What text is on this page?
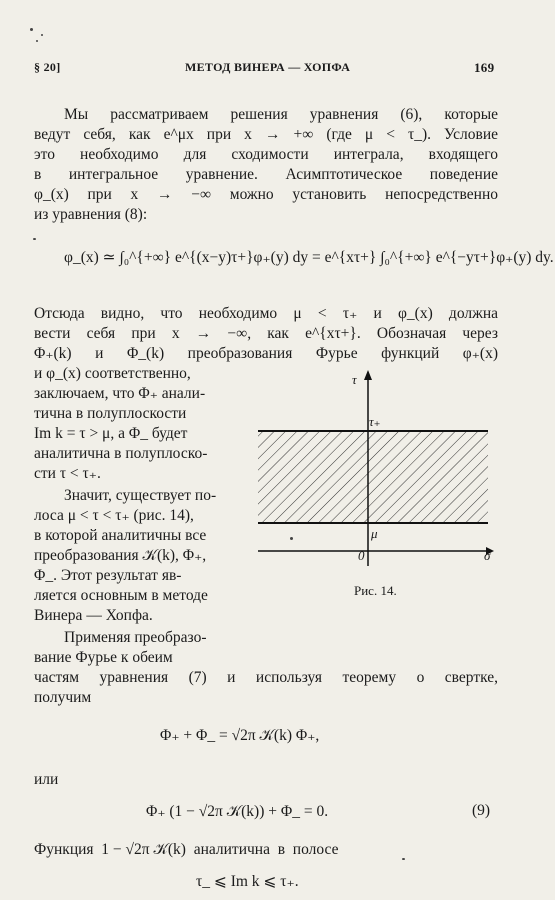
§ 20]	МЕТОД ВИНЕРА — ХОПФА	169
Мы рассматриваем решения уравнения (6), которые
ведут себя, как e^μx при x → +∞ (где μ < τ_). Условие
это необходимо для сходимости интеграла, входящего
в интегральное уравнение. Асимптотическое поведение
φ_(x) при x → −∞ можно установить непосредственно
из уравнения (8):
φ_(x) ≃ ∫₀^{+∞} e^{(x−y)τ+}φ₊(y) dy = e^{xτ+} ∫₀^{+∞} e^{−yτ+}φ₊(y) dy.
Отсюда видно, что необходимо μ < τ₊ и φ_(x) должна
вести себя при x → −∞, как e^{xτ+}. Обозначая через
Φ₊(k) и Φ_(k) преобразования Фурье функций φ₊(x)
и φ_(x) соответственно,
заключаем, что Φ₊ анали-
тична в полуплоскости
Im k = τ > μ, а Φ_ будет
аналитична в полуплоско-
сти τ < τ₊.
Значит, существует по-
лоса μ < τ < τ₊ (рис. 14),
в которой аналитичны все
преобразования 𝒦(k), Φ₊,
Φ_. Этот результат яв-
ляется основным в методе
Винера — Хопфа.
Применяя преобразо-
вание Фурье к обеим
частям уравнения (7) и используя теорему о свертке,
получим
Φ₊ + Φ_ = √2π 𝒦(k) Φ₊,
или
Φ₊ (1 − √2π 𝒦(k)) + Φ_ = 0.	(9)
Функция  1 − √2π 𝒦(k)  аналитична  в  полосе
τ_ ⩽ Im k ⩽ τ₊.
τ
σ
τ₊
μ
0
Рис. 14.
